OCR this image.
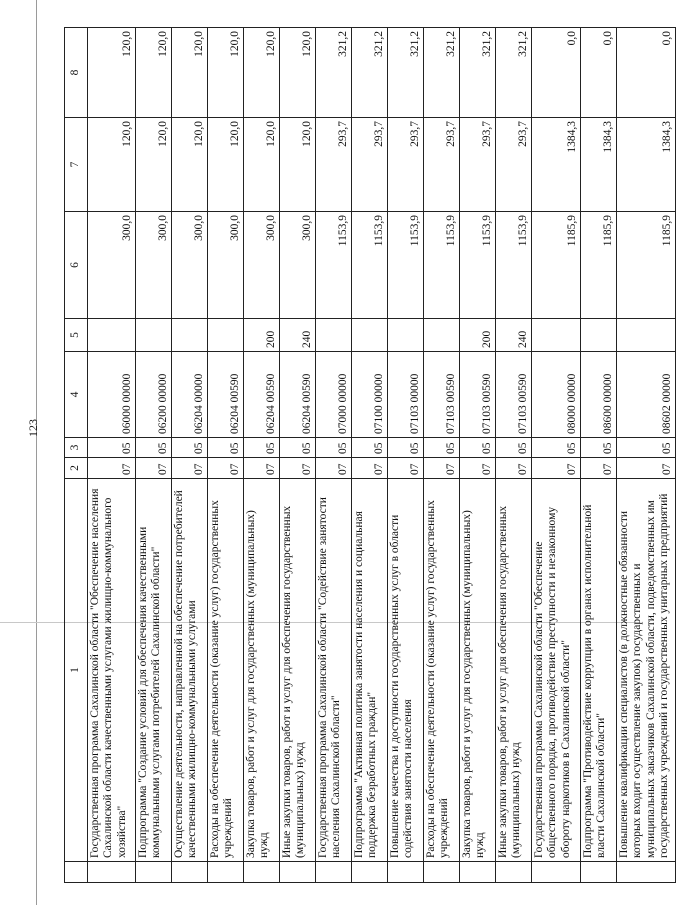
123
	1	2	3	4	5	6	7	8
	Государственная программа Сахалинской области "Обеспечение населения Сахалинской области качественными услугами жилищно-коммунального хозяйства"	07	05	06000 00000		300,0	120,0	120,0
	Подпрограмма "Создание условий для обеспечения качественными коммунальными услугами потребителей Сахалинской области"	07	05	06200 00000		300,0	120,0	120,0
	Осуществление деятельности, направленной на обеспечение потребителей качественными жилищно-коммунальными услугами	07	05	06204 00000		300,0	120,0	120,0
	Расходы на обеспечение деятельности (оказание услуг) государственных учреждений	07	05	06204 00590		300,0	120,0	120,0
	Закупка товаров, работ и услуг для государственных (муниципальных) нужд	07	05	06204 00590	200	300,0	120,0	120,0
	Иные закупки товаров, работ и услуг для обеспечения государственных (муниципальных) нужд	07	05	06204 00590	240	300,0	120,0	120,0
	Государственная программа Сахалинской области "Содействие занятости населения Сахалинской области"	07	05	07000 00000		1153,9	293,7	321,2
	Подпрограмма "Активная политика занятости населения и социальная поддержка безработных граждан"	07	05	07100 00000		1153,9	293,7	321,2
	Повышение качества и доступности государственных услуг в области содействия занятости населения	07	05	07103 00000		1153,9	293,7	321,2
	Расходы на обеспечение деятельности (оказание услуг) государственных учреждений	07	05	07103 00590		1153,9	293,7	321,2
	Закупка товаров, работ и услуг для государственных (муниципальных) нужд	07	05	07103 00590	200	1153,9	293,7	321,2
	Иные закупки товаров, работ и услуг для обеспечения государственных (муниципальных) нужд	07	05	07103 00590	240	1153,9	293,7	321,2
	Государственная программа Сахалинской области "Обеспечение общественного порядка, противодействие преступности и незаконному обороту наркотиков в Сахалинской области"	07	05	08000 00000		1185,9	1384,3	0,0
	Подпрограмма "Противодействие коррупции в органах исполнительной власти Сахалинской области"	07	05	08600 00000		1185,9	1384,3	0,0
	Повышение квалификации специалистов (в должностные обязанности которых входит осуществление закупок) государственных и муниципальных заказчиков Сахалинской области, подведомственных им государственных учреждений и государственных унитарных предприятий	07	05	08602 00000		1185,9	1384,3	0,0
